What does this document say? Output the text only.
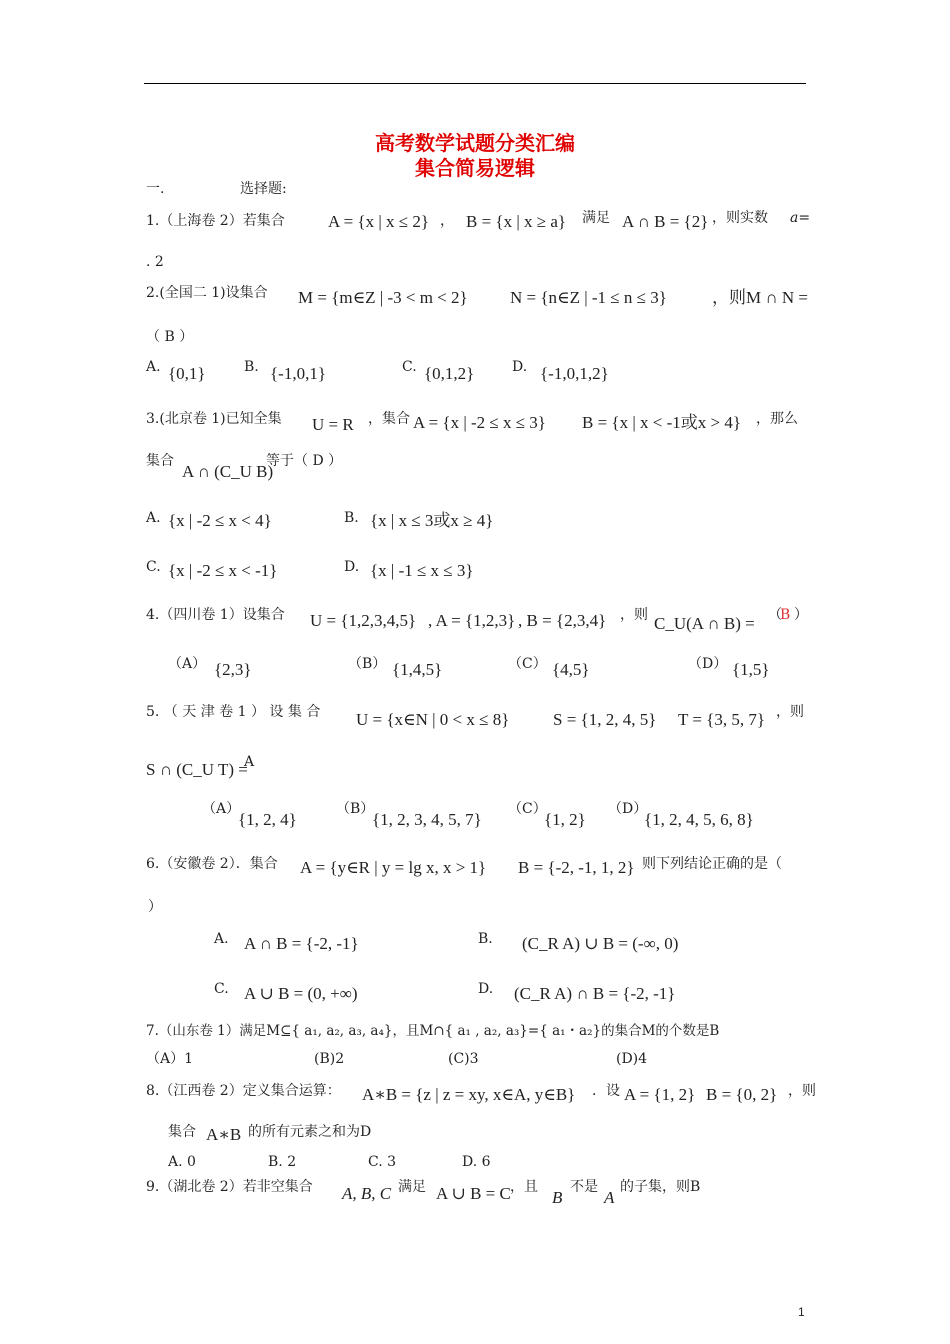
高考数学试题分类汇编
集合简易逻辑
一.	选择题:
1.（上海卷 2）若集合	A = {x | x ≤ 2} ， B = {x | x ≥ a} 满足 A ∩ B = {2} ，则实数 a=
. 2
2.(全国二 1)设集合 M = {m∈Z | -3 < m < 2} N = {n∈Z | -1 ≤ n ≤ 3}	，则M ∩ N =
（ B ）
A. {0,1}	B. {-1,0,1}	C. {0,1,2}	D. {-1,0,1,2}
3.(北京卷 1)已知全集 U = R ，集合 A = {x | -2 ≤ x ≤ 3} B = {x | x < -1或x > 4} ，那么
集合
A ∩ (C_U B)
等于（ D ）
A. {x | -2 ≤ x < 4}	B. {x | x ≤ 3或x ≥ 4}
C. {x | -2 ≤ x < -1}	D. {x | -1 ≤ x ≤ 3}
4.（四川卷 1）设集合 U = {1,2,3,4,5} , A = {1,2,3} , B = {2,3,4} ，则 C_U(A ∩ B) = （
B ）
（A） {2,3}	（B） {1,4,5}	（C） {4,5}	（D） {1,5}
5. （ 天 津 卷 1 ） 设 集 合 U = {x∈N | 0 < x ≤ 8}	S = {1, 2, 4, 5} T = {3, 5, 7} ，则
S ∩ (C_U T) =
A
（A）
{1, 2, 4}
（B）
{1, 2, 3, 4, 5, 7}
（C）
{1, 2}
（D）
{1, 2, 4, 5, 6, 8}
6.（安徽卷 2）．集合 A = {y∈R | y = lg x, x > 1} B = {-2, -1, 1, 2} 则下列结论正确的是（
）
A. A ∩ B = {-2, -1}	B. (C_R A) ∪ B = (-∞, 0)
C. A ∪ B = (0, +∞)	D. (C_R A) ∩ B = {-2, -1}
7.（山东卷 1）满足M⊆{ a₁, a₂, a₃, a₄}，且M∩{ a₁ , a₂, a₃}={ a₁・a₂}的集合M的个数是B
（A）1	(B)2	(C)3	(D)4
8.（江西卷 2）定义集合运算： A∗B = {z | z = xy, x∈A, y∈B} ．设 A = {1, 2} B = {0, 2} ，则
集合 A∗B 的所有元素之和为D
A. 0	B. 2	C. 3	D. 6
9.（湖北卷 2）若非空集合 A, B, C 满足 A ∪ B = C ，且
B
不是
A
的子集，则B
1
